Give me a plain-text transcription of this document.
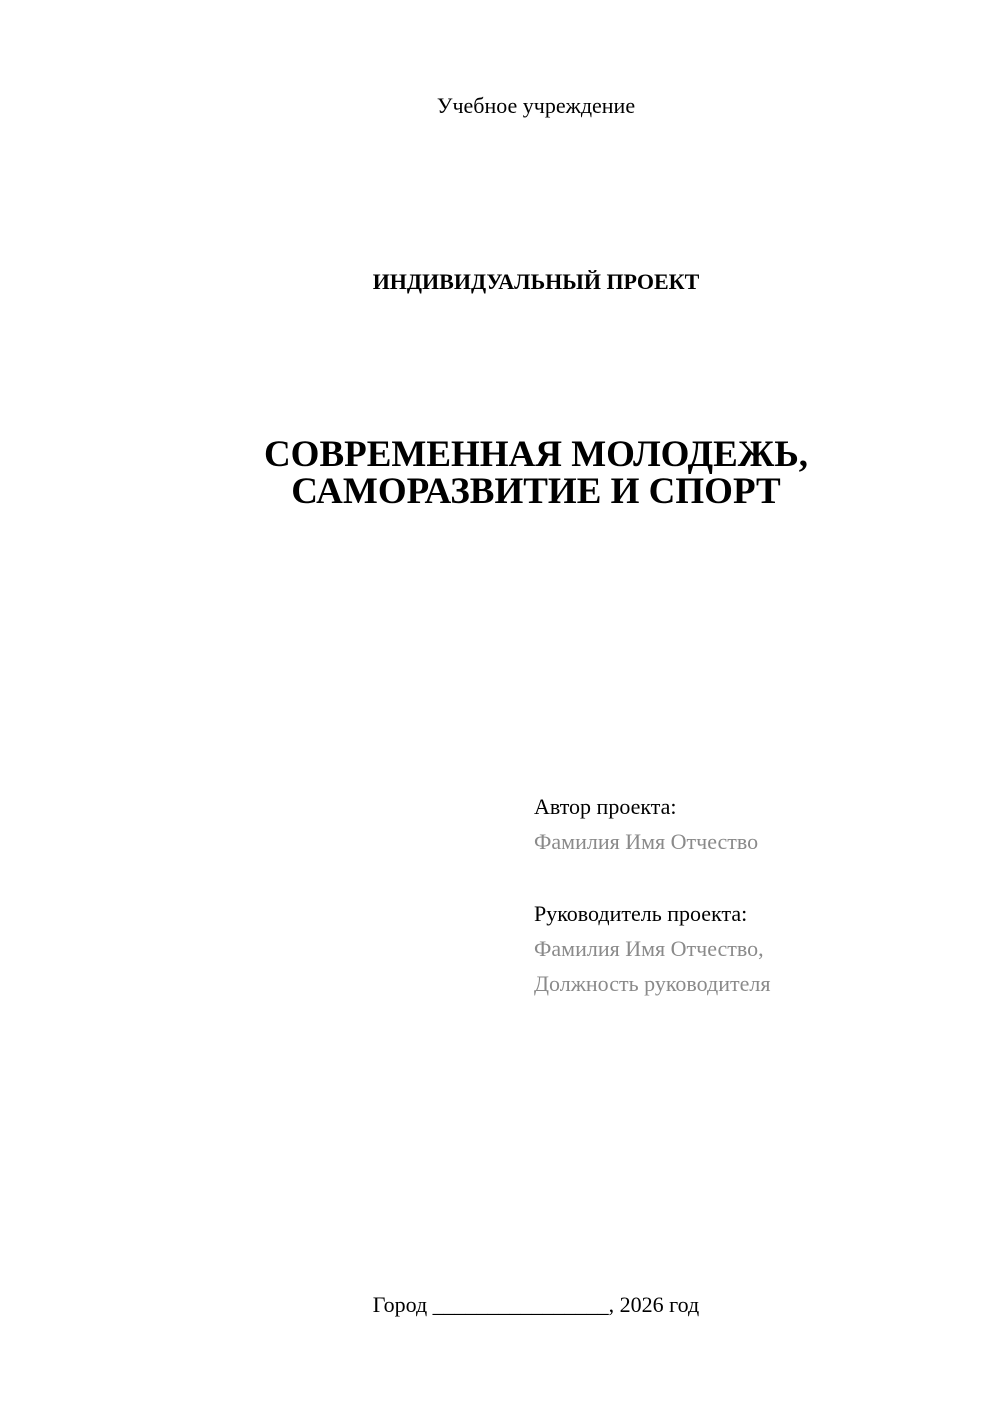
Учебное учреждение
ИНДИВИДУАЛЬНЫЙ ПРОЕКТ
СОВРЕМЕННАЯ МОЛОДЕЖЬ,
САМОРАЗВИТИЕ И СПОРТ
Автор проекта:
Фамилия Имя Отчество
Руководитель проекта:
Фамилия Имя Отчество,
Должность руководителя
Город ________________, 2026 год
